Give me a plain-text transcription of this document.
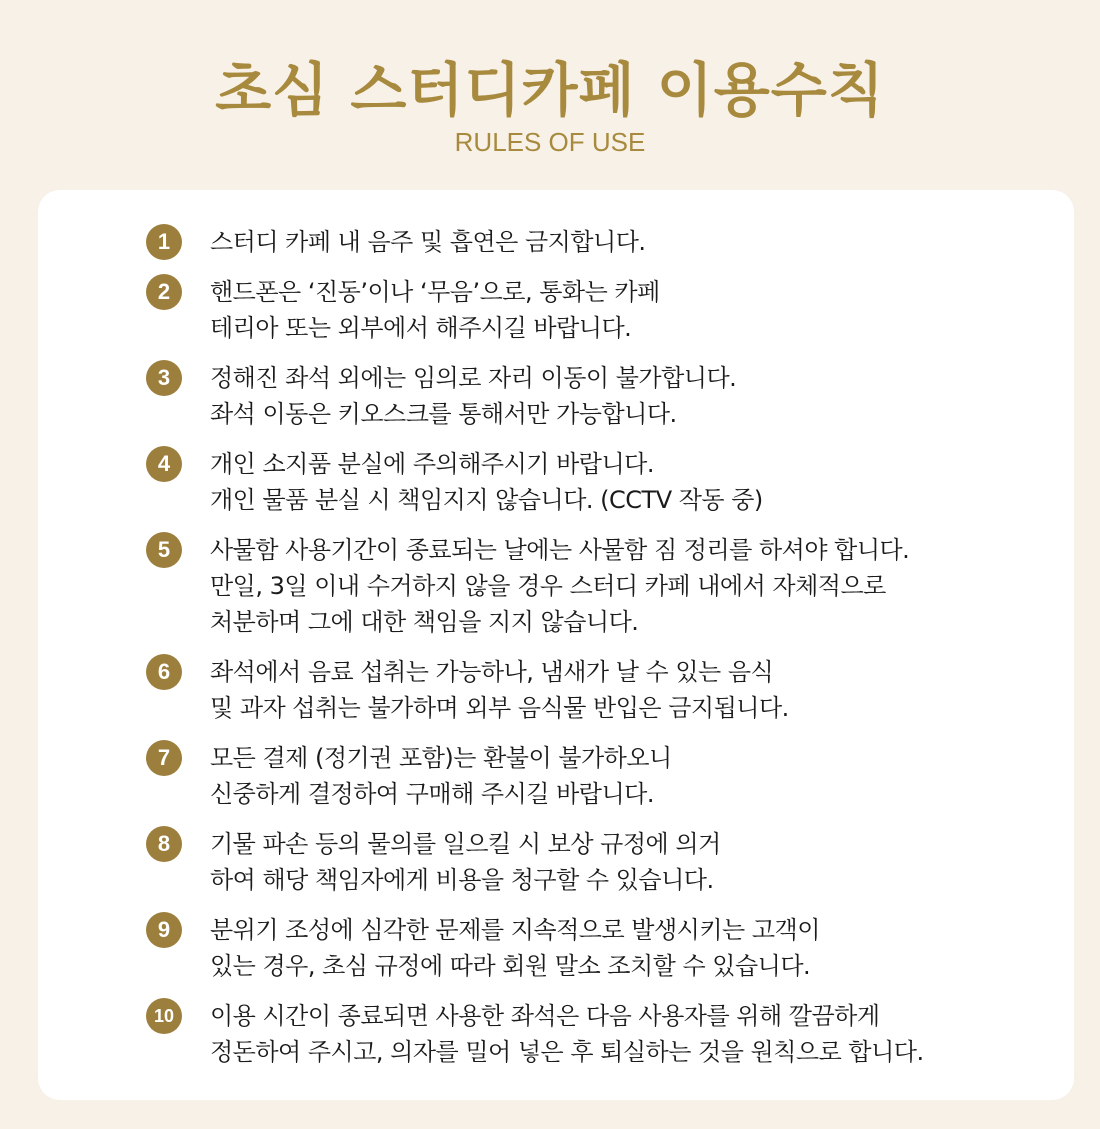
초심 스터디카페 이용수칙
RULES OF USE
1	스터디 카페 내 음주 및 흡연은 금지합니다.
2	핸드폰은 ‘진동’이나 ‘무음’으로, 통화는 카페
테리아 또는 외부에서 해주시길 바랍니다.
3	정해진 좌석 외에는 임의로 자리 이동이 불가합니다.
좌석 이동은 키오스크를 통해서만 가능합니다.
4	개인 소지품 분실에 주의해주시기 바랍니다.
개인 물품 분실 시 책임지지 않습니다. (CCTV 작동 중)
5	사물함 사용기간이 종료되는 날에는 사물함 짐 정리를 하셔야 합니다.
만일, 3일 이내 수거하지 않을 경우 스터디 카페 내에서 자체적으로
처분하며 그에 대한 책임을 지지 않습니다.
6	좌석에서 음료 섭취는 가능하나, 냄새가 날 수 있는 음식
및 과자 섭취는 불가하며 외부 음식물 반입은 금지됩니다.
7	모든 결제 (정기권 포함)는 환불이 불가하오니
신중하게 결정하여 구매해 주시길 바랍니다.
8	기물 파손 등의 물의를 일으킬 시 보상 규정에 의거
하여 해당 책임자에게 비용을 청구할 수 있습니다.
9	분위기 조성에 심각한 문제를 지속적으로 발생시키는 고객이
있는 경우, 초심 규정에 따라 회원 말소 조치할 수 있습니다.
10	이용 시간이 종료되면 사용한 좌석은 다음 사용자를 위해 깔끔하게
정돈하여 주시고, 의자를 밀어 넣은 후 퇴실하는 것을 원칙으로 합니다.
